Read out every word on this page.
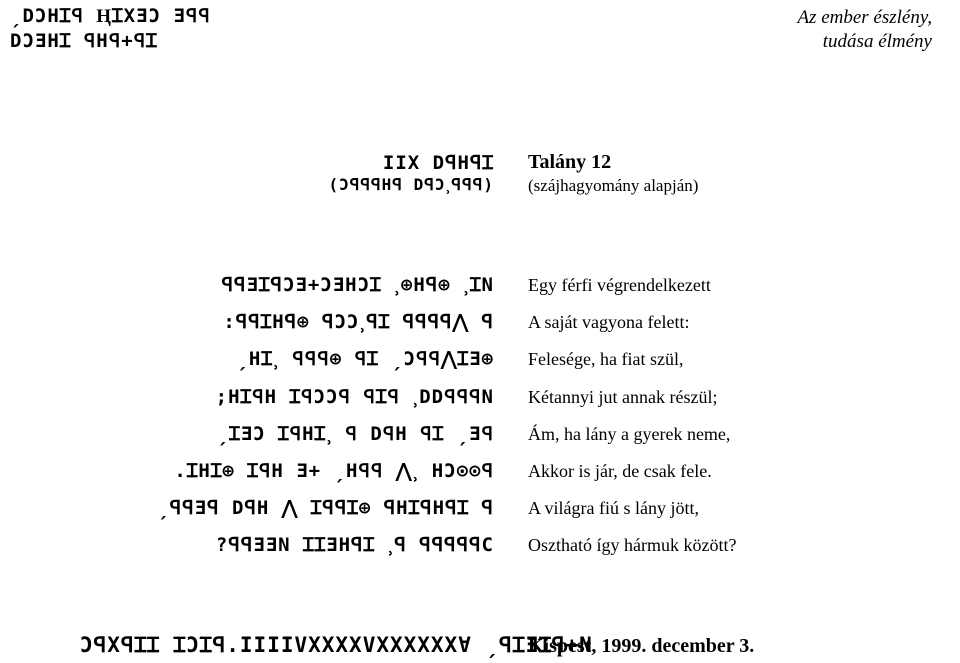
ˏDƆHꞮꟼ ⱧꞮXƎƆ Ǝꟼꟼ
DƆƎHꞮ ꟼHꟼ+ꟼꞮ
Az ember észlény,
tudása élmény
IIX DꟼHꟼꞮ
(ƆꟼꟼꟼHꟼ DꟼƆ⸒ꟼꟼꟼ)
Talány 12
(szájhagyomány alapján)
ꟼꟼƎꞮꟼƆƎ+ƆƎHƆꞮ ⸒⊕Hꟼ⊕ ⸒ꞮN
:ꟼꟼꞮHꟼ⊕ ꟼƆƆ⸒ꟼꞮ ꟼꟼꟼꟼ⋀ ꟼ
ˏHꞮ⸒ ꟼꟼꟼ⊕ ꟼꞮ ˏƆꟼꟼ⋀ꞮƎ⊕
;HꞮꟼH ꞮꟼƆƆꟼ ꟼꞮꟼ ⸒DDꟼꟼꟼN
ˏꞮƎƆ ꞮꟼHꞮ⸒ ꟼ DꟼH ꟼꞮ ˏƎꟼ
.ꞮHꞮ⊕ ꞮꟼH Ǝ+ ˏHꟼꟼ ⋀⸒ HƆ⊙⊙ꟼ
ˏꟼꟼƎꟼ DꟼH ⋀ ꞮꟼꟼꞮ⊕ ꟼHꞮꟼHꟼꞮ ꟼ
?ꟼꟼƎƎN ꞮꞮƎHꟼꞮ ⸒ꟼ ꟼꟼꟼꟼꟼC
Egy férfi végrendelkezett
A saját vagyona felett:
Felesége, ha fiat szül,
Kétannyi jut annak részül;
Ám, ha lány a gyerek neme,
Akkor is jár, de csak fele.
A világra fiú s lány jött,
Osztható így hármuk között?
ƆꟼXꟼꞮꞮ ꞮƆꞮꟼ.IIIIVXXXXVXXXXXXⱯ ˏꟼꞮƎꞮꟼ+N
Kispest, 1999. december 3.
